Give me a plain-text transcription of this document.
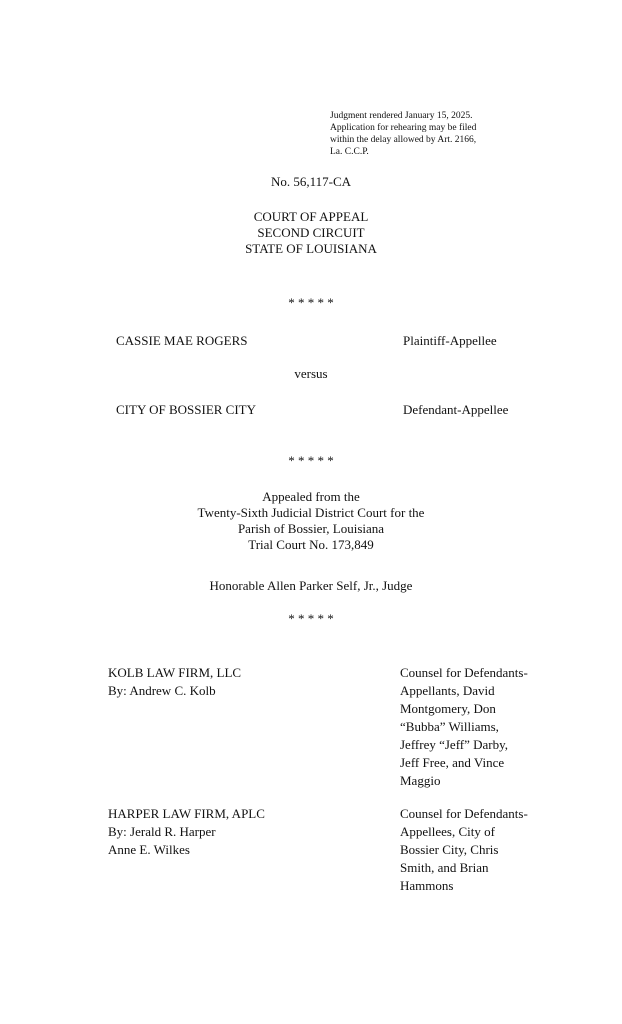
Judgment rendered January 15, 2025.
Application for rehearing may be filed
within the delay allowed by Art. 2166,
La. C.C.P.
No. 56,117-CA
COURT OF APPEAL
SECOND CIRCUIT
STATE OF LOUISIANA
* * * * *
CASSIE MAE ROGERS	Plaintiff-Appellee
versus
CITY OF BOSSIER CITY	Defendant-Appellee
* * * * *
Appealed from the
Twenty-Sixth Judicial District Court for the
Parish of Bossier, Louisiana
Trial Court No. 173,849
Honorable Allen Parker Self, Jr., Judge
* * * * *
KOLB LAW FIRM, LLC
By: Andrew C. Kolb
Counsel for Defendants-
Appellants, David
Montgomery, Don
“Bubba” Williams,
Jeffrey “Jeff” Darby,
Jeff Free, and Vince
Maggio
HARPER LAW FIRM, APLC
By: Jerald R. Harper
Anne E. Wilkes
Counsel for Defendants-
Appellees, City of
Bossier City, Chris
Smith, and Brian
Hammons
